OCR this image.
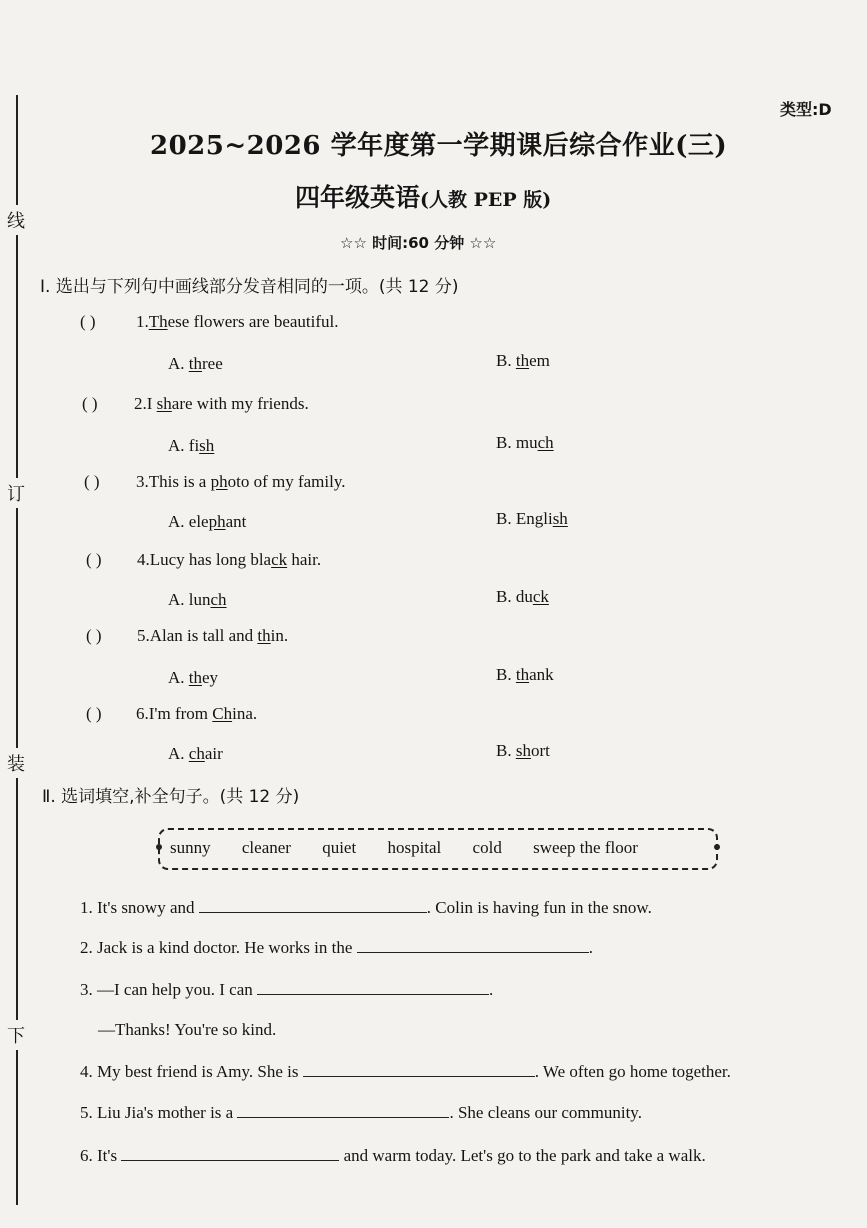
线
订
装
下
类型:D
2025~2026 学年度第一学期课后综合作业(三)
四年级英语(人教 PEP 版)
☆☆ 时间:60 分钟 ☆☆
Ⅰ. 选出与下列句中画线部分发音相同的一项。(共 12 分)
( ) 1.These flowers are beautiful.
A. three	B. them
( ) 2.I share with my friends.
A. fish	B. much
( ) 3.This is a photo of my family.
A. elephant	B. English
( ) 4.Lucy has long black hair.
A. lunch	B. duck
( ) 5.Alan is tall and thin.
A. they	B. thank
( ) 6.I'm from China.
A. chair	B. short
Ⅱ. 选词填空,补全句子。(共 12 分)
sunny cleaner quiet hospital cold sweep the floor
1. It's snowy and	. Colin is having fun in the snow.
2. Jack is a kind doctor. He works in the	.
3. —I can help you. I can	.
—Thanks! You're so kind.
4. My best friend is Amy. She is	. We often go home together.
5. Liu Jia's mother is a	. She cleans our community.
6. It's	and warm today. Let's go to the park and take a walk.
